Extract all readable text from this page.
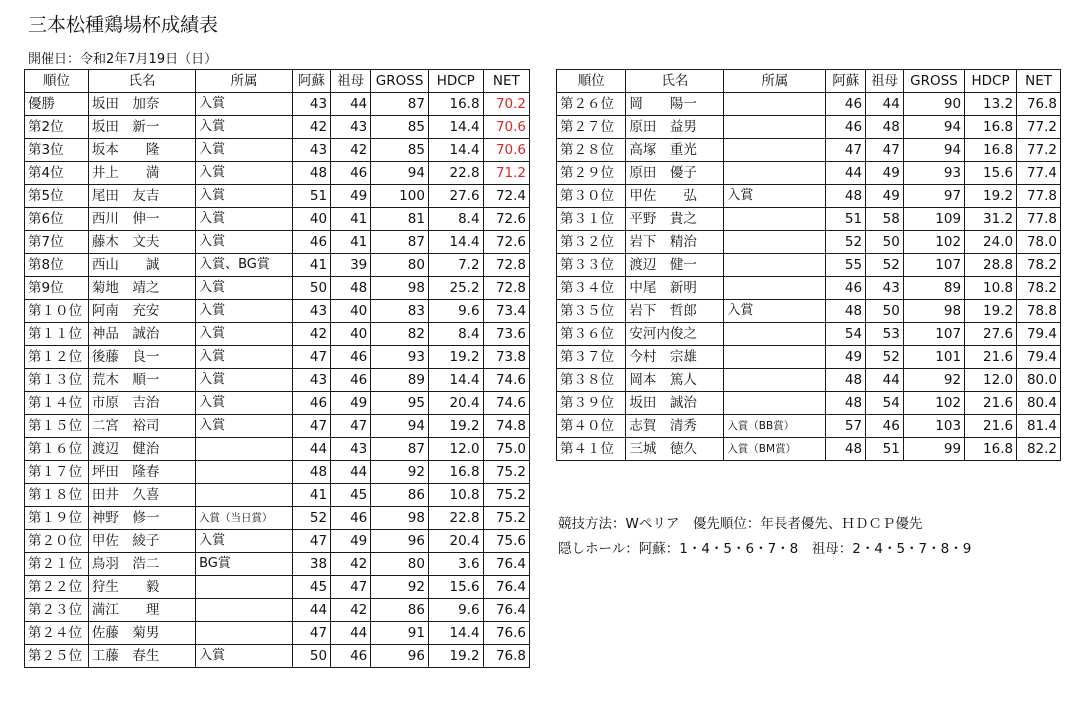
三本松種鶏場杯成績表
開催日：令和2年7月19日（日）
順位	氏名	所属	阿蘇	祖母	GROSS	HDCP	NET
優勝	坂田　加奈	入賞	43	44	87	16.8	70.2
第2位	坂田　新一	入賞	42	43	85	14.4	70.6
第3位	坂本　　隆	入賞	43	42	85	14.4	70.6
第4位	井上　　満	入賞	48	46	94	22.8	71.2
第5位	尾田　友吉	入賞	51	49	100	27.6	72.4
第6位	西川　伸一	入賞	40	41	81	8.4	72.6
第7位	藤木　文夫	入賞	46	41	87	14.4	72.6
第8位	西山　　誠	入賞、BG賞	41	39	80	7.2	72.8
第9位	菊地　靖之	入賞	50	48	98	25.2	72.8
第１０位	阿南　充安	入賞	43	40	83	9.6	73.4
第１１位	神品　誠治	入賞	42	40	82	8.4	73.6
第１２位	後藤　良一	入賞	47	46	93	19.2	73.8
第１３位	荒木　順一	入賞	43	46	89	14.4	74.6
第１４位	市原　吉治	入賞	46	49	95	20.4	74.6
第１５位	二宮　裕司	入賞	47	47	94	19.2	74.8
第１６位	渡辺　健治		44	43	87	12.0	75.0
第１７位	坪田　隆春		48	44	92	16.8	75.2
第１８位	田井　久喜		41	45	86	10.8	75.2
第１９位	神野　修一	入賞（当日賞）	52	46	98	22.8	75.2
第２０位	甲佐　綾子	入賞	47	49	96	20.4	75.6
第２１位	鳥羽　浩二	BG賞	38	42	80	3.6	76.4
第２２位	狩生　　毅		45	47	92	15.6	76.4
第２３位	満江　　理		44	42	86	9.6	76.4
第２４位	佐藤　菊男		47	44	91	14.4	76.6
第２５位	工藤　春生	入賞	50	46	96	19.2	76.8
順位	氏名	所属	阿蘇	祖母	GROSS	HDCP	NET
第２６位	岡　　陽一		46	44	90	13.2	76.8
第２７位	原田　益男		46	48	94	16.8	77.2
第２８位	高塚　重光		47	47	94	16.8	77.2
第２９位	原田　優子		44	49	93	15.6	77.4
第３０位	甲佐　　弘	入賞	48	49	97	19.2	77.8
第３１位	平野　貴之		51	58	109	31.2	77.8
第３２位	岩下　精治		52	50	102	24.0	78.0
第３３位	渡辺　健一		55	52	107	28.8	78.2
第３４位	中尾　新明		46	43	89	10.8	78.2
第３５位	岩下　哲郎	入賞	48	50	98	19.2	78.8
第３６位	安河内俊之		54	53	107	27.6	79.4
第３７位	今村　宗雄		49	52	101	21.6	79.4
第３８位	岡本　篤人		48	44	92	12.0	80.0
第３９位	坂田　誠治		48	54	102	21.6	80.4
第４０位	志賀　清秀	入賞（BB賞）	57	46	103	21.6	81.4
第４１位	三城　徳久	入賞（BM賞）	48	51	99	16.8	82.2
競技方法：Wペリア　優先順位：年長者優先、ＨＤＣＰ優先
隠しホール：阿蘇：1・4・5・6・7・8　祖母：2・4・5・7・8・9
